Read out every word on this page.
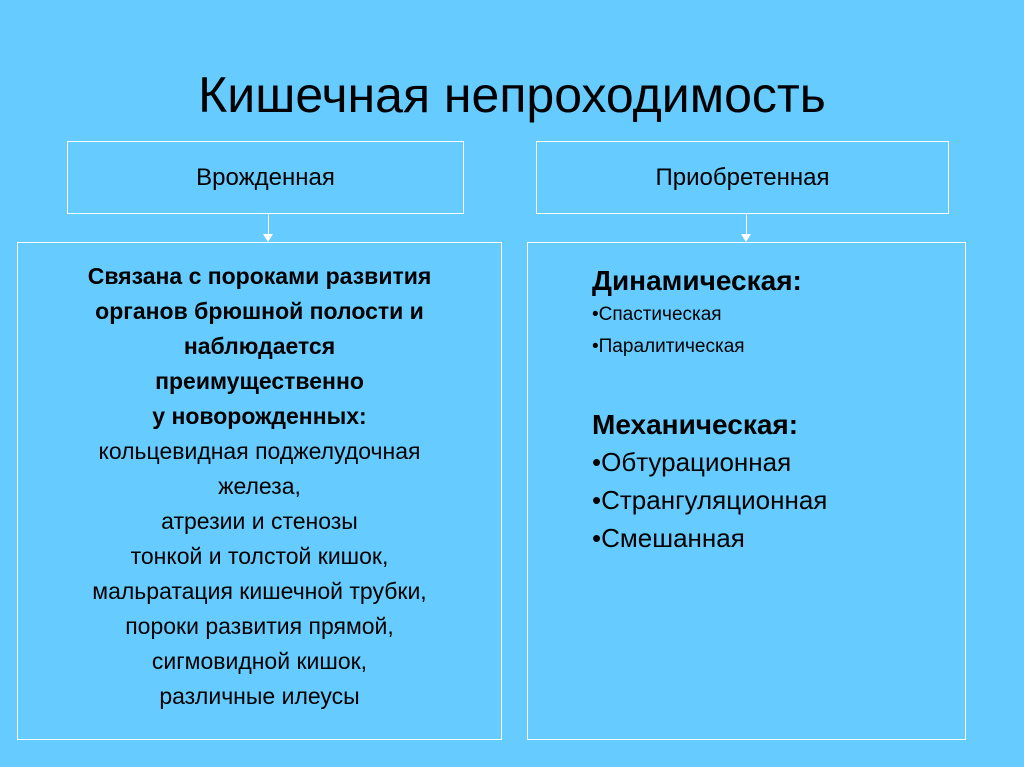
Кишечная непроходимость
Врожденная	Приобретенная

Связана с пороками развития

органов брюшной полости и

наблюдается

преимущественно

у новорожденных:

кольцевидная поджелудочная

железа,

атрезии и стенозы

тонкой и толстой кишок,

мальратация кишечной трубки,

пороки развития прямой,

сигмовидной кишок,

различные илеусы

Динамическая:

•Спастическая

•Паралитическая

Механическая:

•Обтурационная

•Странгуляционная

•Смешанная
